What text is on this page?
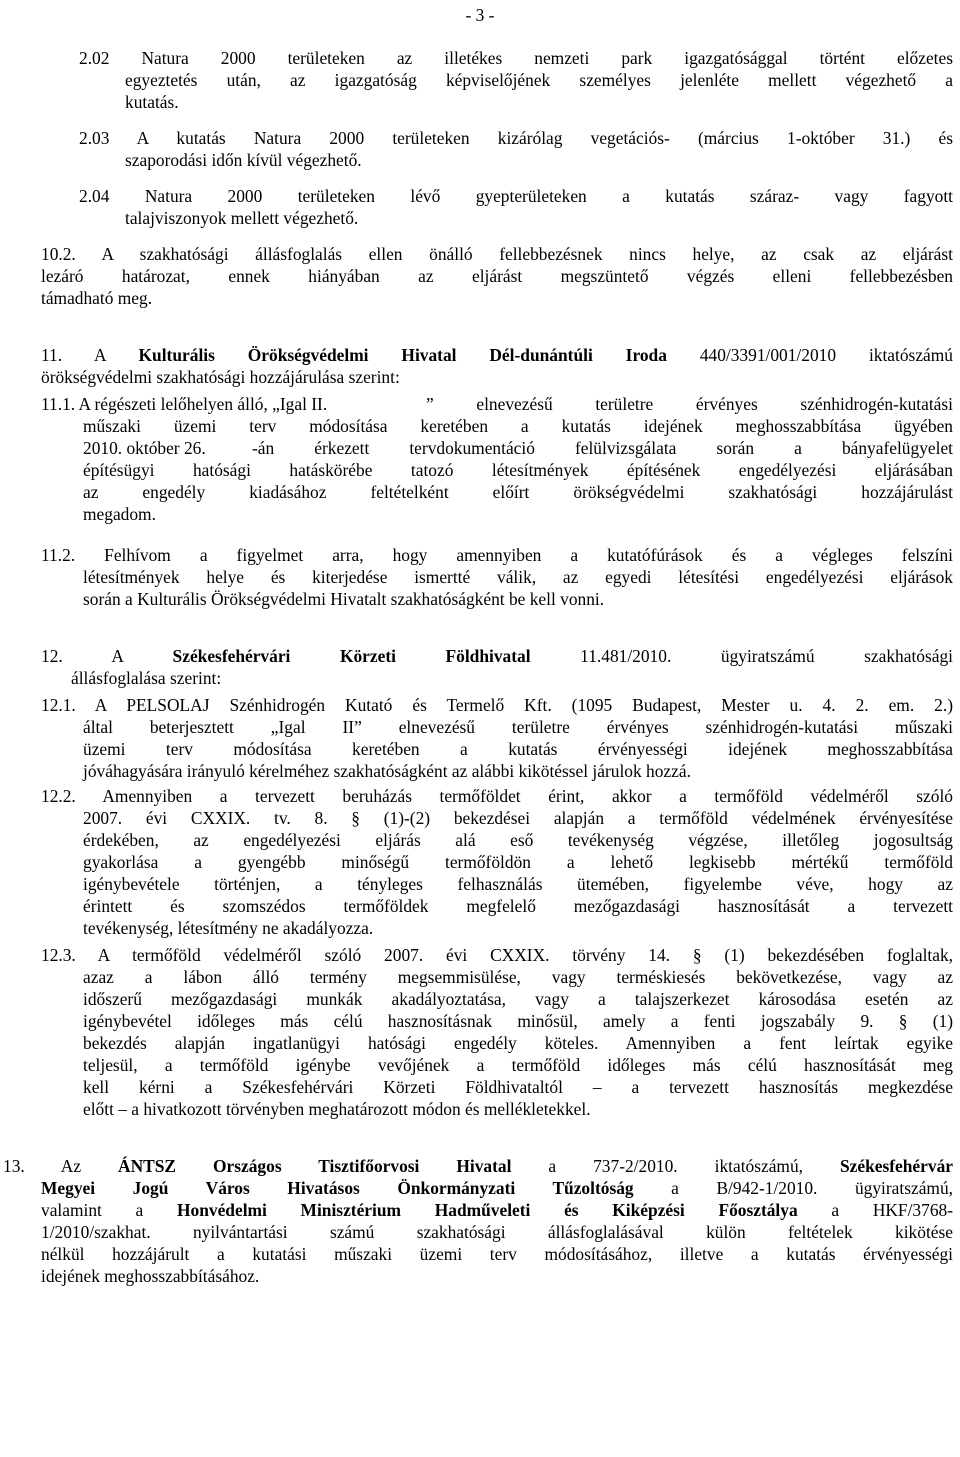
- 3 -
2.02 Natura 2000 területeken az illetékes nemzeti park igazgatósággal történt előzetes
egyeztetés után, az igazgatóság képviselőjének személyes jelenléte mellett végezhető a
kutatás.
2.03 A kutatás Natura 2000 területeken kizárólag vegetációs- (március 1-október 31.) és
szaporodási időn kívül végezhető.
2.04 Natura 2000 területeken lévő gyepterületeken a kutatás száraz- vagy fagyott
talajviszonyok mellett végezhető.
10.2. A szakhatósági állásfoglalás ellen önálló fellebbezésnek nincs helye, az csak az eljárást
lezáró határozat, ennek hiányában az eljárást megszüntető végzés elleni fellebbezésben
támadható meg.
11. A Kulturális Örökségvédelmi Hivatal Dél-dunántúli Iroda 440/3391/001/2010 iktatószámú
örökségvédelmi szakhatósági hozzájárulása szerint:
11.1. A régészeti lelőhelyen álló, „Igal II.	” elnevezésű területre érvényes szénhidrogén-kutatási
műszaki üzemi terv módosítása keretében a kutatás idejének meghosszabbítása ügyében
2010. október 26.	-án érkezett tervdokumentáció felülvizsgálata során a bányafelügyelet
építésügyi hatósági hatáskörébe tatozó létesítmények építésének engedélyezési eljárásában
az engedély kiadásához feltételként előírt örökségvédelmi szakhatósági hozzájárulást
megadom.
11.2. Felhívom a figyelmet arra, hogy amennyiben a kutatófúrások és a végleges felszíni
létesítmények helye és kiterjedése ismertté válik, az egyedi létesítési engedélyezési eljárások
során a Kulturális Örökségvédelmi Hivatalt szakhatóságként be kell vonni.
12. A Székesfehérvári Körzeti Földhivatal 11.481/2010. ügyiratszámú szakhatósági
állásfoglalása szerint:
12.1. A PELSOLAJ Szénhidrogén Kutató és Termelő Kft. (1095 Budapest, Mester u. 4. 2. em. 2.)
által beterjesztett „Igal II” elnevezésű területre érvényes szénhidrogén-kutatási műszaki
üzemi terv módosítása keretében a kutatás érvényességi idejének meghosszabbítása
jóváhagyására irányuló kérelméhez szakhatóságként az alábbi kikötéssel járulok hozzá.
12.2. Amennyiben a tervezett beruházás termőföldet érint, akkor a termőföld védelméről szóló
2007. évi CXXIX. tv. 8. § (1)-(2) bekezdései alapján a termőföld védelmének érvényesítése
érdekében, az engedélyezési eljárás alá eső tevékenység végzése, illetőleg jogosultság
gyakorlása a gyengébb minőségű termőföldön a lehető legkisebb mértékű termőföld
igénybevétele történjen, a tényleges felhasználás ütemében, figyelembe véve, hogy az
érintett és szomszédos termőföldek megfelelő mezőgazdasági hasznosítását a tervezett
tevékenység, létesítmény ne akadályozza.
12.3. A termőföld védelméről szóló 2007. évi CXXIX. törvény 14. § (1) bekezdésében foglaltak,
azaz a lábon álló termény megsemmisülése, vagy terméskiesés bekövetkezése, vagy az
időszerű mezőgazdasági munkák akadályoztatása, vagy a talajszerkezet károsodása esetén az
igénybevétel időleges más célú hasznosításnak minősül, amely a fenti jogszabály 9. § (1)
bekezdés alapján ingatlanügyi hatósági engedély köteles. Amennyiben a fent leírtak egyike
teljesül, a termőföld igénybe vevőjének a termőföld időleges más célú hasznosítását meg
kell kérni a Székesfehérvári Körzeti Földhivataltól – a tervezett hasznosítás megkezdése
előtt – a hivatkozott törvényben meghatározott módon és mellékletekkel.
13. Az ÁNTSZ Országos Tisztifőorvosi Hivatal a 737-2/2010. iktatószámú, Székesfehérvár
Megyei Jogú Város Hivatásos Önkormányzati Tűzoltóság a B/942-1/2010. ügyiratszámú,
valamint a Honvédelmi Minisztérium Hadműveleti és Kiképzési Főosztálya a HKF/3768-
1/2010/szakhat. nyilvántartási számú szakhatósági állásfoglalásával külön feltételek kikötése
nélkül hozzájárult a kutatási műszaki üzemi terv módosításához, illetve a kutatás érvényességi
idejének meghosszabbításához.
